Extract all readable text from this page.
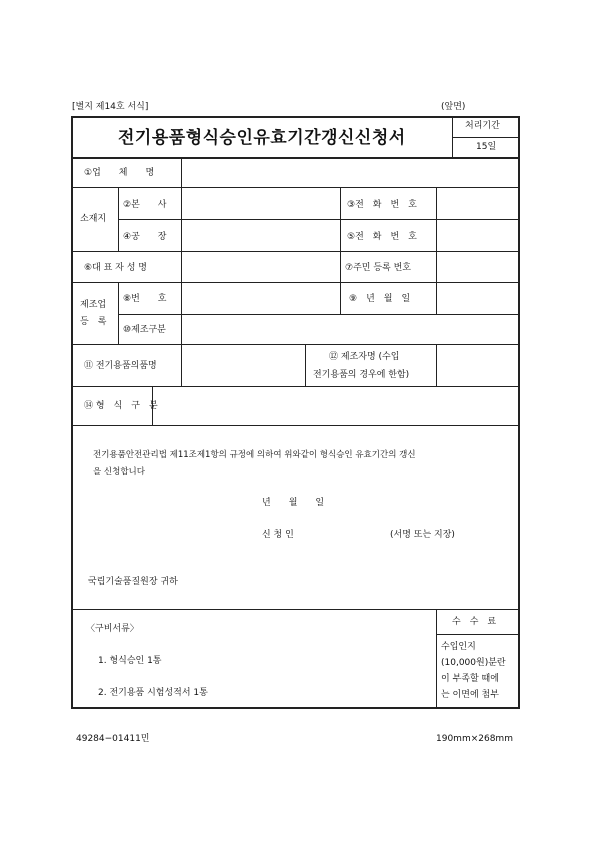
[별지 제14호 서식]	(앞면)
전기용품형식승인유효기간갱신신청서
처리기간
15일
①업　　체　　명
소재지
②본　　사	③전　화　번　호
④공　　장	⑤전　화　번　호
⑥대 표 자 성 명	⑦주민 등록 번호
제조업
등　록
⑧번　　호	⑨　년　월　일
⑩제조구분
⑪ 전기용품의품명
⑫ 제조자명 (수입
전기용품의 경우에 한함)
⑭ 형　식　구　분
전기용품안전관리법 제11조제1항의 규정에 의하여 위와같이 형식승인 유효기간의 갱신
을 신청합니다
년　　월　　일
신 청 인	(서명 또는 지장)
국립기술품질원장 귀하
〈구비서류〉
1. 형식승인 1통
2. 전기용품 시험성적서 1통
수　수　료
수입인지
(10,000원)분란
이 부족할 때에
는 이면에 첨부
49284−01411민	190mm×268mm
